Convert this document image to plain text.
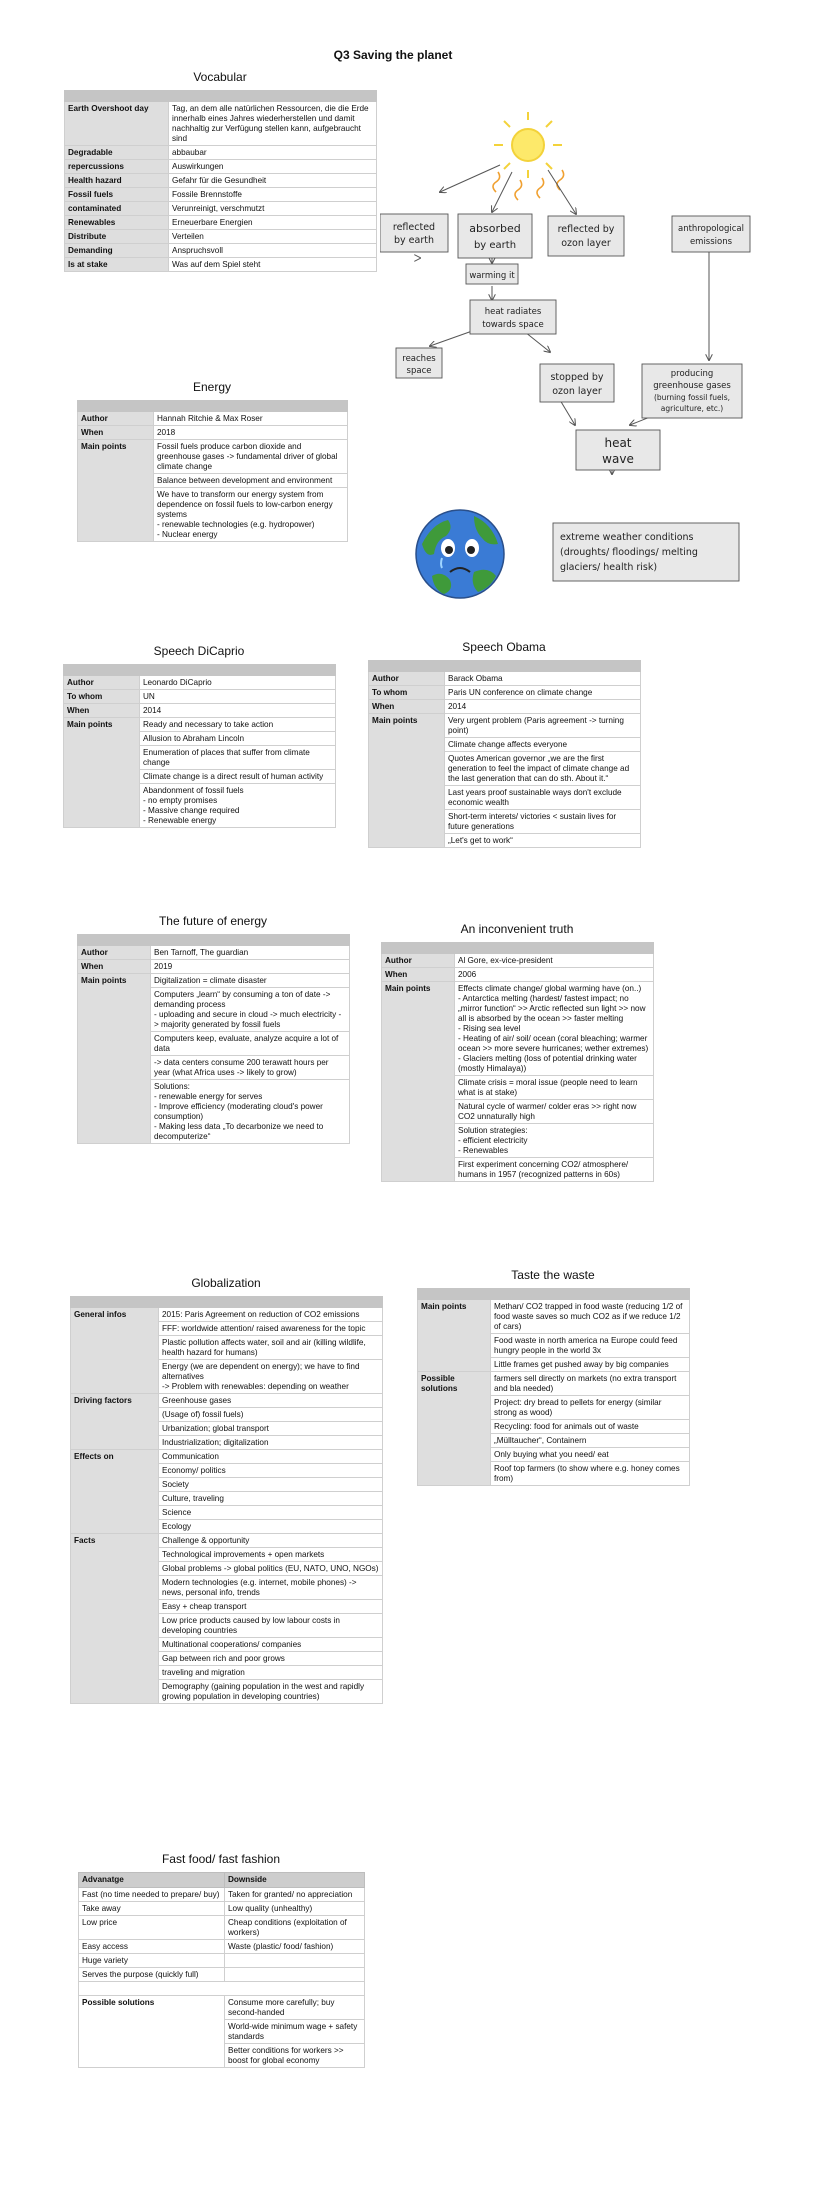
Q3 Saving the planet
Vocabular

Earth Overshoot day	Tag, an dem alle natürlichen Ressourcen, die die Erde innerhalb eines Jahres wiederherstellen und damit nachhaltig zur Verfügung stellen kann, aufgebraucht sind
Degradable	abbaubar
repercussions	Auswirkungen
Health hazard	Gefahr für die Gesundheit
Fossil fuels	Fossile Brennstoffe
contaminated	Verunreinigt, verschmutzt
Renewables	Erneuerbare Energien
Distribute	Verteilen
Demanding	Anspruchsvoll
Is at stake	Was auf dem Spiel steht
reflected
by earth
absorbed
by earth
reflected by
ozon layer
anthropological
emissions
warming it
heat radiates
towards space
reaches
space
stopped by
ozon layer
producing
greenhouse gases
(burning fossil fuels,
agriculture, etc.)
heat
wave
extreme weather conditions
(droughts/ floodings/ melting
glaciers/ health risk)
Energy

Author	Hannah Ritchie & Max Roser
When	2018
Main points	Fossil fuels produce carbon dioxide and greenhouse gases -> fundamental driver of global climate change

	Balance between development and environment

	We have to transform our energy system from dependence on fossil fuels to low-carbon energy systems
- renewable technologies (e.g. hydropower)
- Nuclear energy
Speech DiCaprio

Author	Leonardo DiCaprio
To whom	UN
When	2014
Main points	Ready and necessary to take action

	Allusion to Abraham Lincoln

	Enumeration of places that suffer from climate change

	Climate change is a direct result of human activity

	Abandonment of fossil fuels
- no empty promises
- Massive change required
- Renewable energy
Speech Obama

Author	Barack Obama
To whom	Paris UN conference on climate change
When	2014
Main points	Very urgent problem (Paris agreement -> turning point)

	Climate change affects everyone

	Quotes American governor „we are the first generation to feel the impact of climate change ad the last generation that can do sth. About it.“

	Last years proof sustainable ways don't exclude economic wealth

	Short-term interets/ victories < sustain lives for future generations

	„Let's get to work“
The future of energy

Author	Ben Tarnoff, The guardian
When	2019
Main points	Digitalization = climate disaster

	Computers „learn“ by consuming a ton of date -> demanding process
- uploading and secure in cloud -> much electricity -> majority generated by fossil fuels

	Computers keep, evaluate, analyze acquire a lot of data

	-> data centers consume 200 terawatt hours per year (what Africa uses -> likely to grow)

	Solutions:
- renewable energy for serves
- Improve efficiency (moderating cloud's power consumption)
- Making less data „To decarbonize we need to decomputerize“
An inconvenient truth

Author	Al Gore, ex-vice-president
When	2006
Main points	Effects climate change/ global warming have (on..)
- Antarctica melting (hardest/ fastest impact; no „mirror function“ >> Arctic reflected sun light >> now all is absorbed by the ocean >> faster melting
- Rising sea level
- Heating of air/ soil/ ocean (coral bleaching; warmer ocean >> more severe hurricanes; wether extremes)
- Glaciers melting (loss of potential drinking water (mostly Himalaya))

	Climate crisis = moral issue (people need to learn what is at stake)

	Natural cycle of warmer/ colder eras >> right now CO2 unnaturally high

	Solution strategies:
- efficient electricity
- Renewables

	First experiment concerning CO2/ atmosphere/ humans in 1957 (recognized patterns in 60s)
Globalization

General infos	2015: Paris Agreement on reduction of CO2 emissions
	FFF: worldwide attention/ raised awareness for the topic
	Plastic pollution affects water, soil and air (killing wildlife, health hazard for humans)
	Energy (we are dependent on energy); we have to find alternatives
-> Problem with renewables: depending on weather
Driving factors	Greenhouse gases
	(Usage of) fossil fuels)
	Urbanization; global transport
	Industrialization; digitalization
Effects on	Communication
	Economy/ politics
	Society
	Culture, traveling
	Science
	Ecology
Facts	Challenge & opportunity
	Technological improvements + open markets
	Global problems -> global politics (EU, NATO, UNO, NGOs)
	Modern technologies (e.g. internet, mobile phones) -> news, personal info, trends
	Easy + cheap transport
	Low price products caused by low labour costs in developing countries
	Multinational cooperations/ companies
	Gap between rich and poor grows
	traveling and migration
	Demography (gaining population in the west and rapidly growing population in developing countries)
Taste the waste

Main points	Methan/ CO2 trapped in food waste (reducing 1/2 of food waste saves so much CO2 as if we reduce 1/2 of cars)
	Food waste in north america na Europe could feed hungry people in the world 3x
	Little frames get pushed away by big companies
Possible solutions	farmers sell directly on markets (no extra transport and bla needed)
	Project: dry bread to pellets for energy (similar strong as wood)
	Recycling: food for animals out of waste
	„Mülltaucher“, Containern
	Only buying what you need/ eat
	Roof top farmers (to show where e.g. honey comes from)
Fast food/ fast fashion
Advanatge	Downside
Fast (no time needed to prepare/ buy)	Taken for granted/ no appreciation
Take away	Low quality (unhealthy)
Low price	Cheap conditions (exploitation of workers)
Easy access	Waste (plastic/ food/ fashion)
Huge variety	
Serves the purpose (quickly full)	

Possible solutions	Consume more carefully; buy second-handed
	World-wide minimum wage + safety standards
	Better conditions for workers >> boost for global economy
